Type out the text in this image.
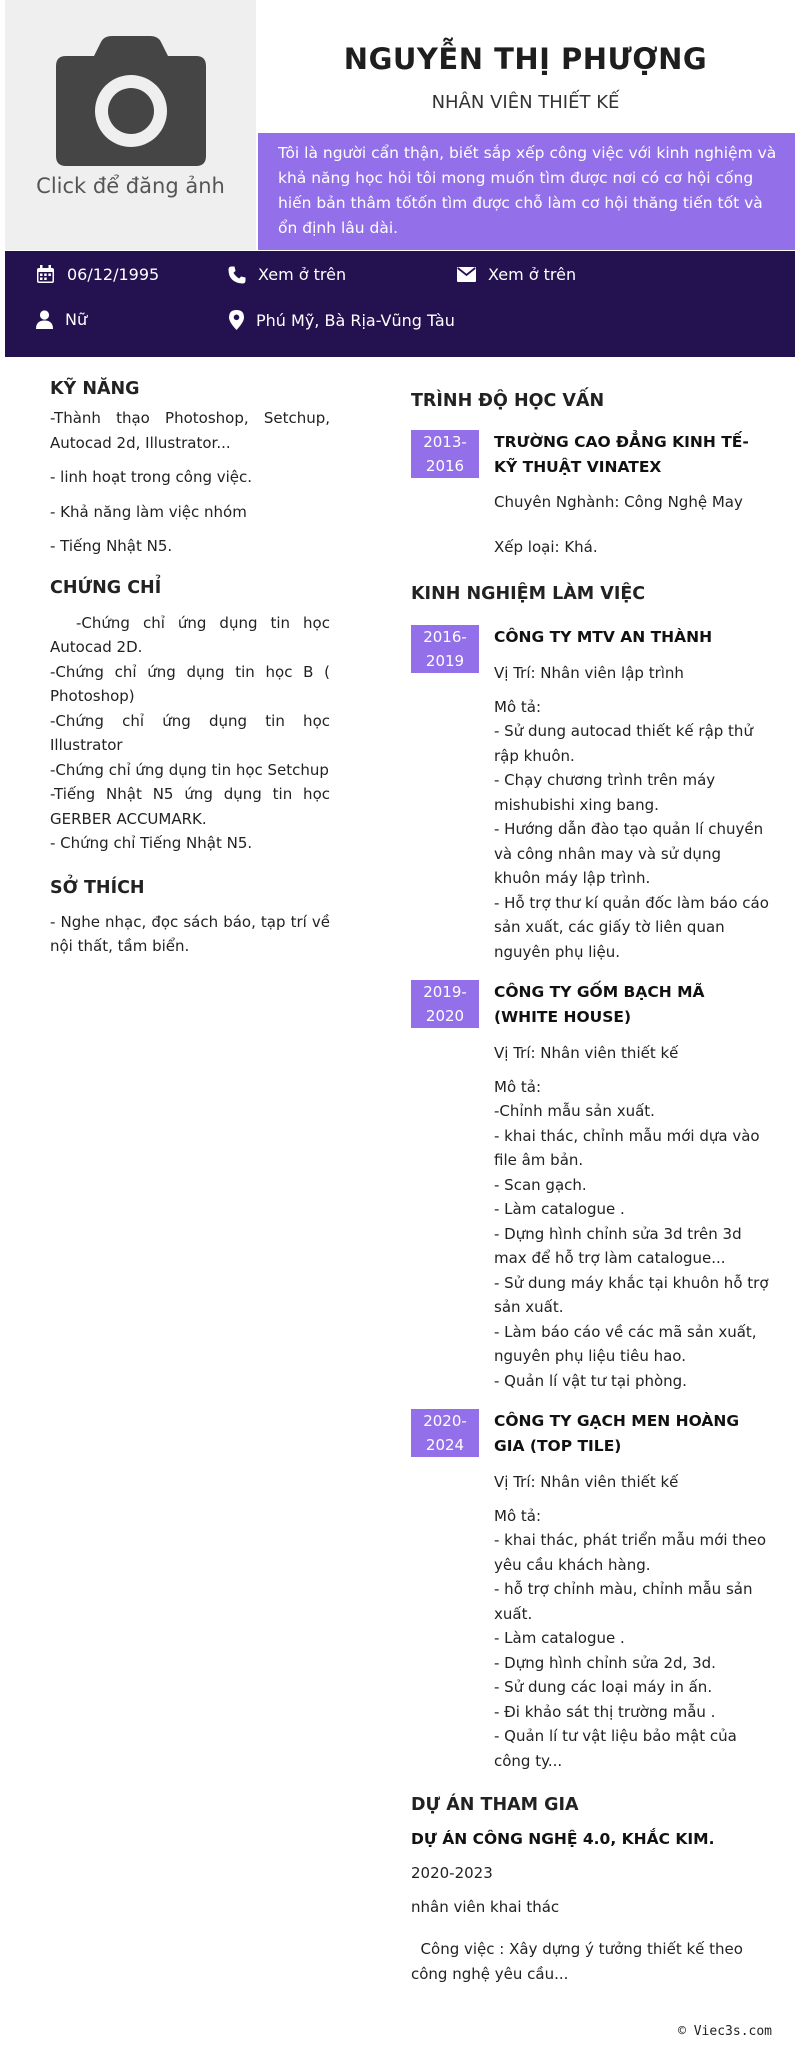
Click để đăng ảnh
NGUYỄN THỊ PHƯỢNG
NHÂN VIÊN THIẾT KẾ
Tôi là người cẩn thận, biết sắp xếp công việc với kinh nghiệm và khả năng học hỏi tôi mong muốn tìm được nơi có cơ hội cống hiến bản thâm tốtốn tìm được chỗ làm cơ hội thăng tiến tốt và ổn định lâu dài.
06/12/1995	Xem ở trên	Xem ở trên
Nữ	Phú Mỹ, Bà Rịa-Vũng Tàu
KỸ NĂNG
-Thành thạo Photoshop, Setchup, Autocad 2d, Illustrator...
- linh hoạt trong công việc.
- Khả năng làm việc nhóm
- Tiếng Nhật N5.
CHỨNG CHỈ
-Chứng chỉ ứng dụng tin học Autocad 2D.
-Chứng chỉ ứng dụng tin học B ( Photoshop)
-Chứng chỉ ứng dụng tin học Illustrator
-Chứng chỉ ứng dụng tin học Setchup
-Tiếng Nhật N5 ứng dụng tin học GERBER ACCUMARK.
- Chứng chỉ Tiếng Nhật N5.
SỞ THÍCH
- Nghe nhạc, đọc sách báo, tạp trí về nội thất, tầm biển.
TRÌNH ĐỘ HỌC VẤN
2013-
2016
TRƯỜNG CAO ĐẲNG KINH TẾ- KỸ THUẬT VINATEX
Chuyên Nghành: Công Nghệ May
Xếp loại: Khá.
KINH NGHIỆM LÀM VIỆC
2016-
2019
CÔNG TY MTV AN THÀNH
Vị Trí: Nhân viên lập trình
Mô tả:
- Sử dung autocad thiết kế rập thử rập khuôn.
- Chạy chương trình trên máy mishubishi xing bang.
- Hướng dẫn đào tạo quản lí chuyền và công nhân may và sử dụng khuôn máy lập trình.
- Hỗ trợ thư kí quản đốc làm báo cáo sản xuất, các giấy tờ liên quan nguyên phụ liệu.
2019-
2020
CÔNG TY GỐM BẠCH MÃ (WHITE HOUSE)
Vị Trí: Nhân viên thiết kế
Mô tả:
-Chỉnh mẫu sản xuất.
- khai thác, chỉnh mẫu mới dựa vào file âm bản.
- Scan gạch.
- Làm catalogue .
- Dựng hình chỉnh sửa 3d trên 3d max để hỗ trợ làm catalogue...
- Sử dung máy khắc tại khuôn hỗ trợ sản xuất.
- Làm báo cáo về các mã sản xuất, nguyên phụ liệu tiêu hao.
- Quản lí vật tư tại phòng.
2020-
2024
CÔNG TY GẠCH MEN HOÀNG GIA (TOP TILE)
Vị Trí: Nhân viên thiết kế
Mô tả:
- khai thác, phát triển mẫu mới theo yêu cầu khách hàng.
- hỗ trợ chỉnh màu, chỉnh mẫu sản xuất.
- Làm catalogue .
- Dựng hình chỉnh sửa 2d, 3d.
- Sử dung các loại máy in ấn.
- Đi khảo sát thị trường mẫu .
- Quản lí tư vật liệu bảo mật của công ty...
DỰ ÁN THAM GIA
DỰ ÁN CÔNG NGHỆ 4.0, KHẮC KIM.
2020-2023
nhân viên khai thác
Công việc : Xây dựng ý tưởng thiết kế theo công nghệ yêu cầu...
© Viec3s.com
